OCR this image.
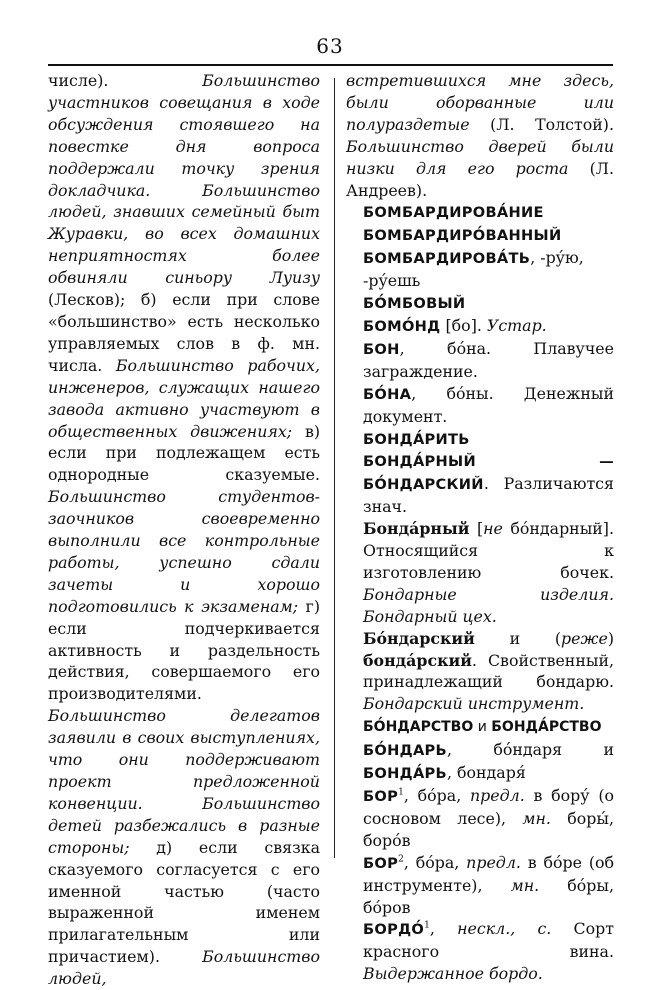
63
числе). Большинство участников совещания в ходе обсуждения стоявшего на повестке дня вопроса поддержали точку зрения докладчика. Большинство людей, знавших семейный быт Журавки, во всех домашних неприятностях более обвиняли синьору Луизу (Лесков); б) если при слове «большинство» есть несколько управляемых слов в ф. мн. числа. Большинство рабочих, инженеров, служащих нашего завода активно участвуют в общественных движениях; в) если при подлежащем есть однородные сказуемые. Большинство студентов-заочников своевременно выполнили все контрольные работы, успешно сдали зачеты и хорошо подготовились к экзаменам; г) если подчеркивается активность и раздельность действия, совершаемого его производителями. Большинство делегатов заявили в своих выступлениях, что они поддерживают проект предложенной конвенции. Большинство детей разбежались в разные стороны; д) если связка сказуемого согласуется с его именной частью (часто выраженной именем прилагательным или причастием). Большинство людей,

встретившихся мне здесь, были оборванные или полураздетые (Л. Толстой). Большинство дверей были низки для его роста (Л. Андреев).

БОМБАРДИРОВА́НИЕ

БОМБАРДИРО́ВАННЫЙ

БОМБАРДИРОВА́ТЬ, -ру́ю, -ру́ешь

БО́МБОВЫЙ

БОМО́НД [бо]. Устар.

БОН, бо́на. Плавучее заграждение.

БО́НА, бо́ны. Денежный документ.

БОНДА́РИТЬ

БОНДА́РНЫЙ — БО́НДАРСКИЙ. Различаются знач.

Бонда́рный [не бо́ндарный]. Относящийся к изготовлению бочек. Бондарные изделия. Бондарный цех.

Бо́ндарский и (реже) бонда́рский. Свойственный, принадлежащий бондарю. Бондарский инструмент.

БО́НДАРСТВО и БОНДА́РСТВО

БО́НДАРЬ, бо́ндаря и БОНДА́РЬ, бондаря́

БОР$^1$, бо́ра, предл. в бору́ (о сосновом лесе), мн. боры́, боро́в

БОР$^2$, бо́ра, предл. в бо́ре (об инструменте), мн. бо́ры, бо́ров

БОРДО́$^1$, нескл., с. Сорт красного вина. Выдержанное бордо.
